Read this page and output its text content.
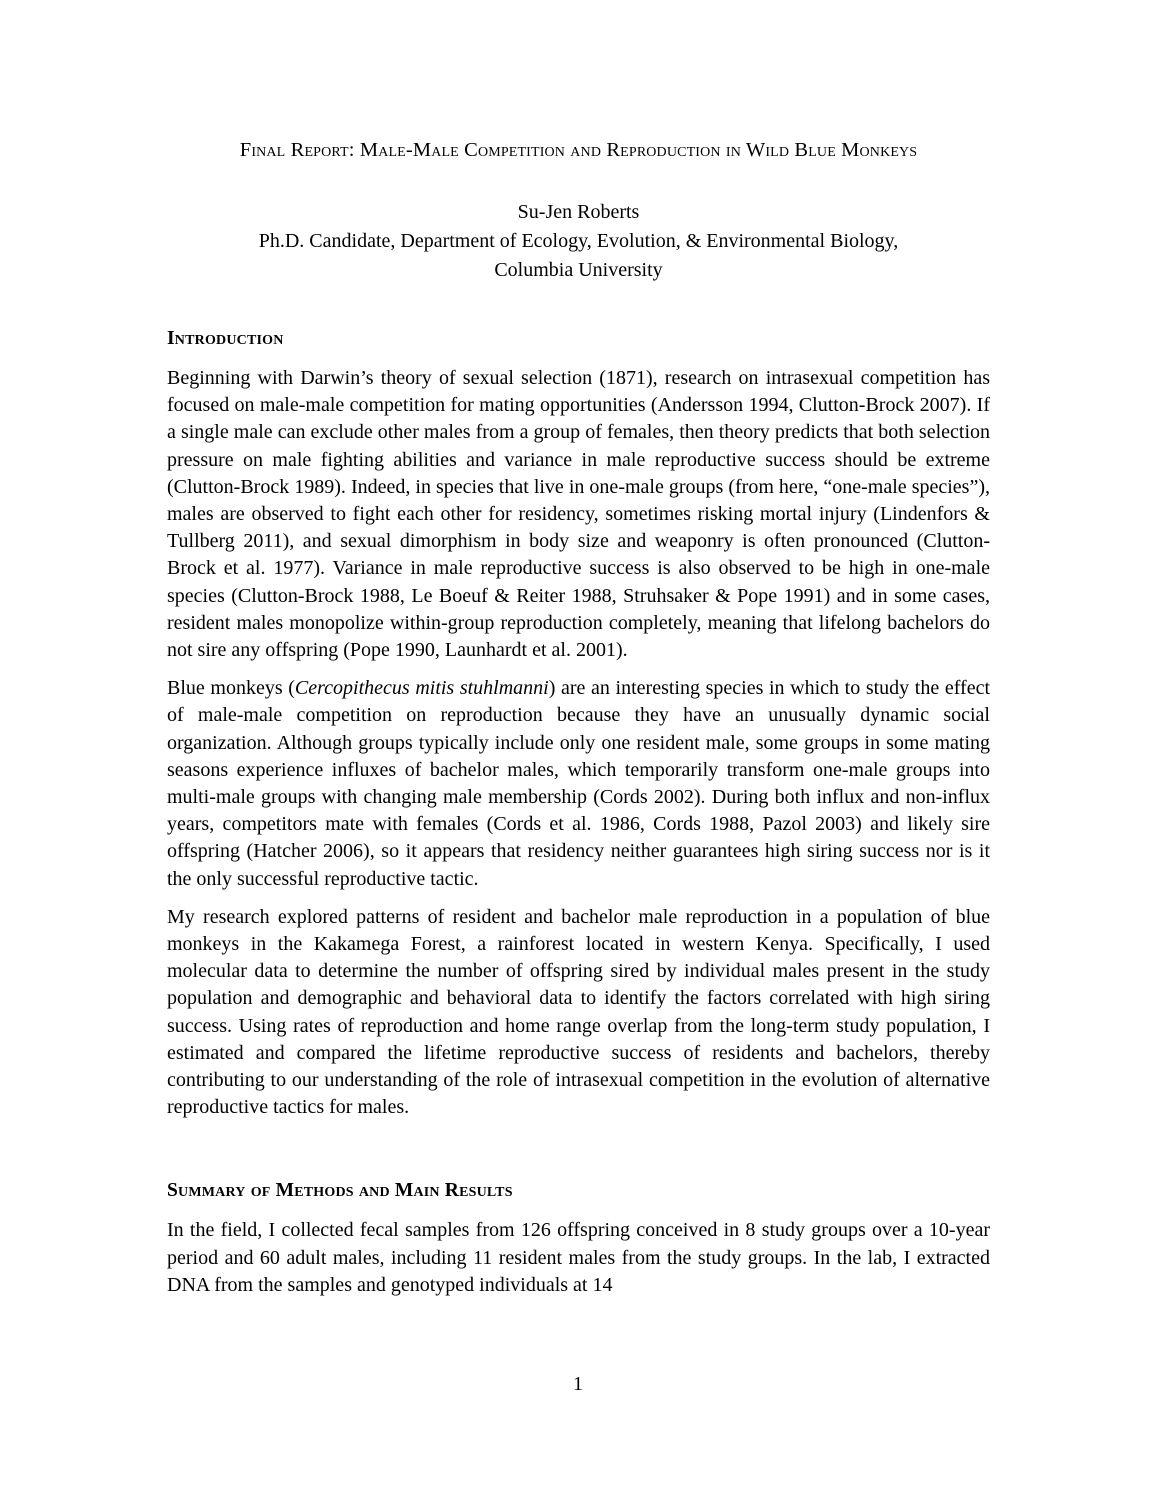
Final Report: Male-Male Competition and Reproduction in Wild Blue Monkeys
Su-Jen Roberts
Ph.D. Candidate, Department of Ecology, Evolution, & Environmental Biology,
Columbia University
Introduction

Beginning with Darwin’s theory of sexual selection (1871), research on intrasexual competition has focused on male-male competition for mating opportunities (Andersson 1994, Clutton-Brock 2007). If a single male can exclude other males from a group of females, then theory predicts that both selection pressure on male fighting abilities and variance in male reproductive success should be extreme (Clutton-Brock 1989). Indeed, in species that live in one-male groups (from here, “one-male species”), males are observed to fight each other for residency, sometimes risking mortal injury (Lindenfors & Tullberg 2011), and sexual dimorphism in body size and weaponry is often pronounced (Clutton-Brock et al. 1977). Variance in male reproductive success is also observed to be high in one-male species (Clutton-Brock 1988, Le Boeuf & Reiter 1988, Struhsaker & Pope 1991) and in some cases, resident males monopolize within-group reproduction completely, meaning that lifelong bachelors do not sire any offspring (Pope 1990, Launhardt et al. 2001).

Blue monkeys (Cercopithecus mitis stuhlmanni) are an interesting species in which to study the effect of male-male competition on reproduction because they have an unusually dynamic social organization. Although groups typically include only one resident male, some groups in some mating seasons experience influxes of bachelor males, which temporarily transform one-male groups into multi-male groups with changing male membership (Cords 2002). During both influx and non-influx years, competitors mate with females (Cords et al. 1986, Cords 1988, Pazol 2003) and likely sire offspring (Hatcher 2006), so it appears that residency neither guarantees high siring success nor is it the only successful reproductive tactic.

My research explored patterns of resident and bachelor male reproduction in a population of blue monkeys in the Kakamega Forest, a rainforest located in western Kenya. Specifically, I used molecular data to determine the number of offspring sired by individual males present in the study population and demographic and behavioral data to identify the factors correlated with high siring success. Using rates of reproduction and home range overlap from the long-term study population, I estimated and compared the lifetime reproductive success of residents and bachelors, thereby contributing to our understanding of the role of intrasexual competition in the evolution of alternative reproductive tactics for males.

Summary of Methods and Main Results

In the field, I collected fecal samples from 126 offspring conceived in 8 study groups over a 10-year period and 60 adult males, including 11 resident males from the study groups. In the lab, I extracted DNA from the samples and genotyped individuals at 14

1
